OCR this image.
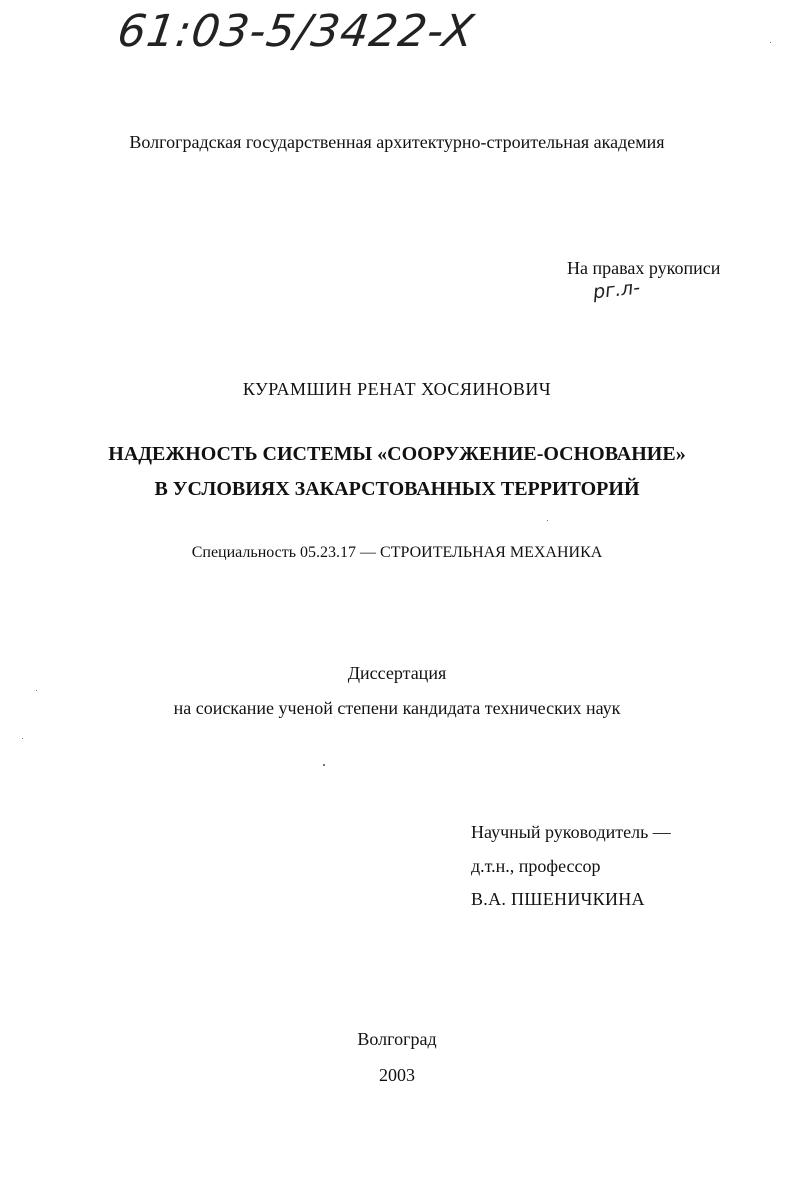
61:03-5/3422-X
Волгоградская государственная архитектурно-строительная академия
На правах рукописи
рг.л-
КУРАМШИН РЕНАТ ХОСЯИНОВИЧ
НАДЕЖНОСТЬ СИСТЕМЫ «СООРУЖЕНИЕ-ОСНОВАНИЕ»
В УСЛОВИЯХ ЗАКАРСТОВАННЫХ ТЕРРИТОРИЙ
Специальность 05.23.17 — СТРОИТЕЛЬНАЯ МЕХАНИКА
Диссертация
на соискание ученой степени кандидата технических наук
Научный руководитель —
д.т.н., профессор
В.А. ПШЕНИЧКИНА
Волгоград
2003
